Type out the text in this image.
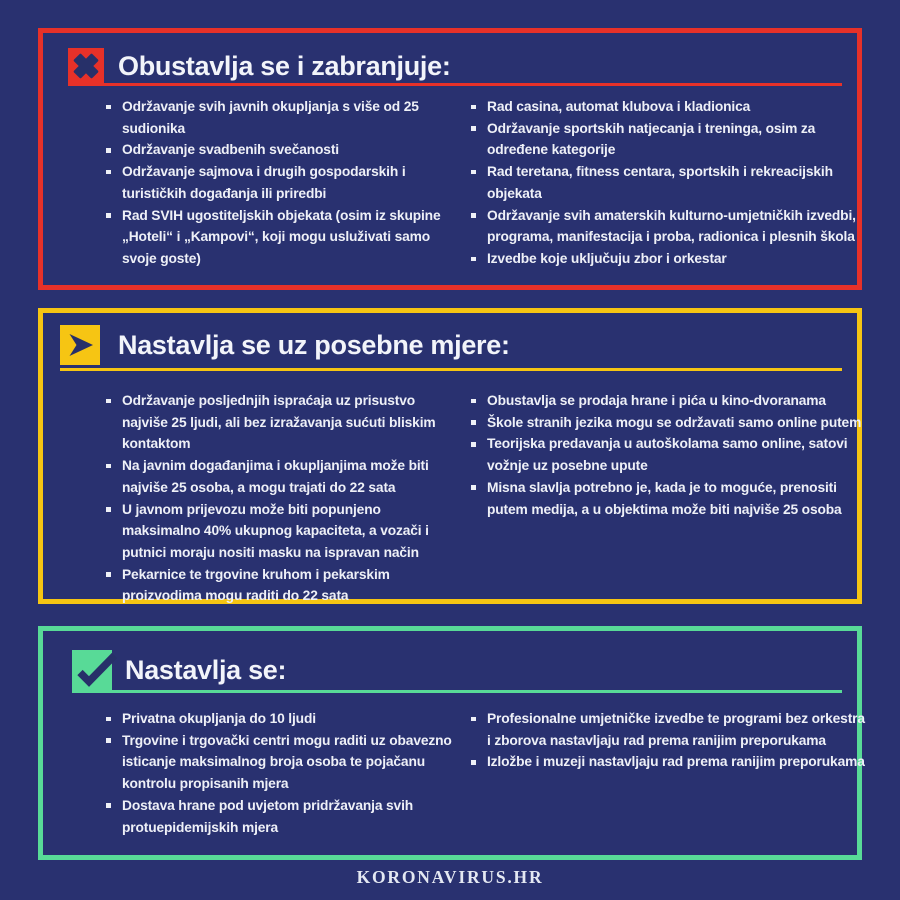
Obustavlja se i zabranjuje:
Održavanje svih javnih okupljanja s više od 25 sudionika
Održavanje svadbenih svečanosti
Održavanje sajmova i drugih gospodarskih i turističkih događanja ili priredbi
Rad SVIH ugostiteljskih objekata (osim iz skupine „Hoteli“ i „Kampovi“, koji mogu usluživati samo svoje goste)
Rad casina, automat klubova i kladionica
Održavanje sportskih natjecanja i treninga, osim za određene kategorije
Rad teretana, fitness centara, sportskih i rekreacijskih objekata
Održavanje svih amaterskih kulturno-umjetničkih izvedbi, programa, manifestacija i proba, radionica i plesnih škola
Izvedbe koje uključuju zbor i orkestar
Nastavlja se uz posebne mjere:
Održavanje posljednjih ispraćaja uz prisustvo najviše 25 ljudi, ali bez izražavanja sućuti bliskim kontaktom
Na javnim događanjima i okupljanjima može biti najviše 25 osoba, a mogu trajati do 22 sata
U javnom prijevozu može biti popunjeno maksimalno 40% ukupnog kapaciteta, a vozači i putnici moraju nositi masku na ispravan način
Pekarnice te trgovine kruhom i pekarskim proizvodima mogu raditi do 22 sata
Obustavlja se prodaja hrane i pića u kino-dvoranama
Škole stranih jezika mogu se održavati samo online putem
Teorijska predavanja u autoškolama samo online, satovi vožnje uz posebne upute
Misna slavlja potrebno je, kada je to moguće, prenositi putem medija, a u objektima može biti najviše 25 osoba
Nastavlja se:
Privatna okupljanja do 10 ljudi
Trgovine i trgovački centri mogu raditi uz obavezno isticanje maksimalnog broja osoba te pojačanu kontrolu propisanih mjera
Dostava hrane pod uvjetom pridržavanja svih protuepidemijskih mjera
Profesionalne umjetničke izvedbe te programi bez orkestra i zborova nastavljaju rad prema ranijim preporukama
Izložbe i muzeji nastavljaju rad prema ranijim preporukama
KORONAVIRUS.HR
